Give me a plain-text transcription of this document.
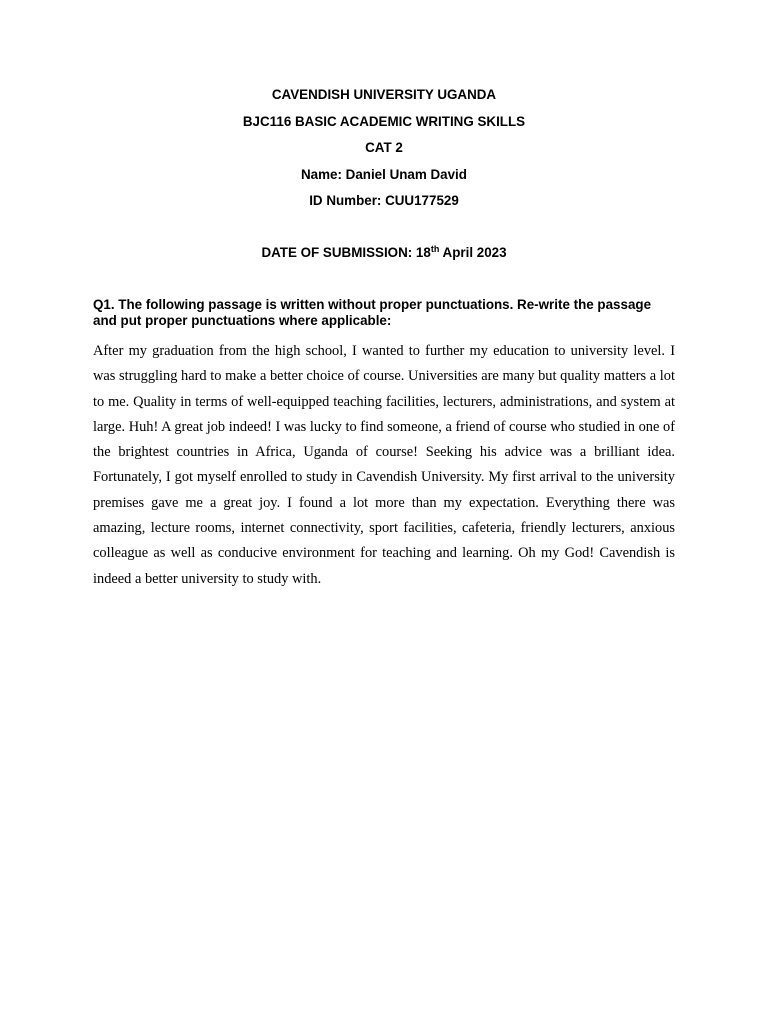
CAVENDISH UNIVERSITY UGANDA
BJC116 BASIC ACADEMIC WRITING SKILLS
CAT 2
Name: Daniel Unam David
ID Number: CUU177529
DATE OF SUBMISSION: 18th April 2023
Q1. The following passage is written without proper punctuations. Re-write the passage and put proper punctuations where applicable:
After my graduation from the high school, I wanted to further my education to university level. I was struggling hard to make a better choice of course. Universities are many but quality matters a lot to me. Quality in terms of well-equipped teaching facilities, lecturers, administrations, and system at large. Huh! A great job indeed! I was lucky to find someone, a friend of course who studied in one of the brightest countries in Africa, Uganda of course! Seeking his advice was a brilliant idea. Fortunately, I got myself enrolled to study in Cavendish University. My first arrival to the university premises gave me a great joy. I found a lot more than my expectation. Everything there was amazing, lecture rooms, internet connectivity, sport facilities, cafeteria, friendly lecturers, anxious colleague as well as conducive environment for teaching and learning. Oh my God! Cavendish is indeed a better university to study with.
